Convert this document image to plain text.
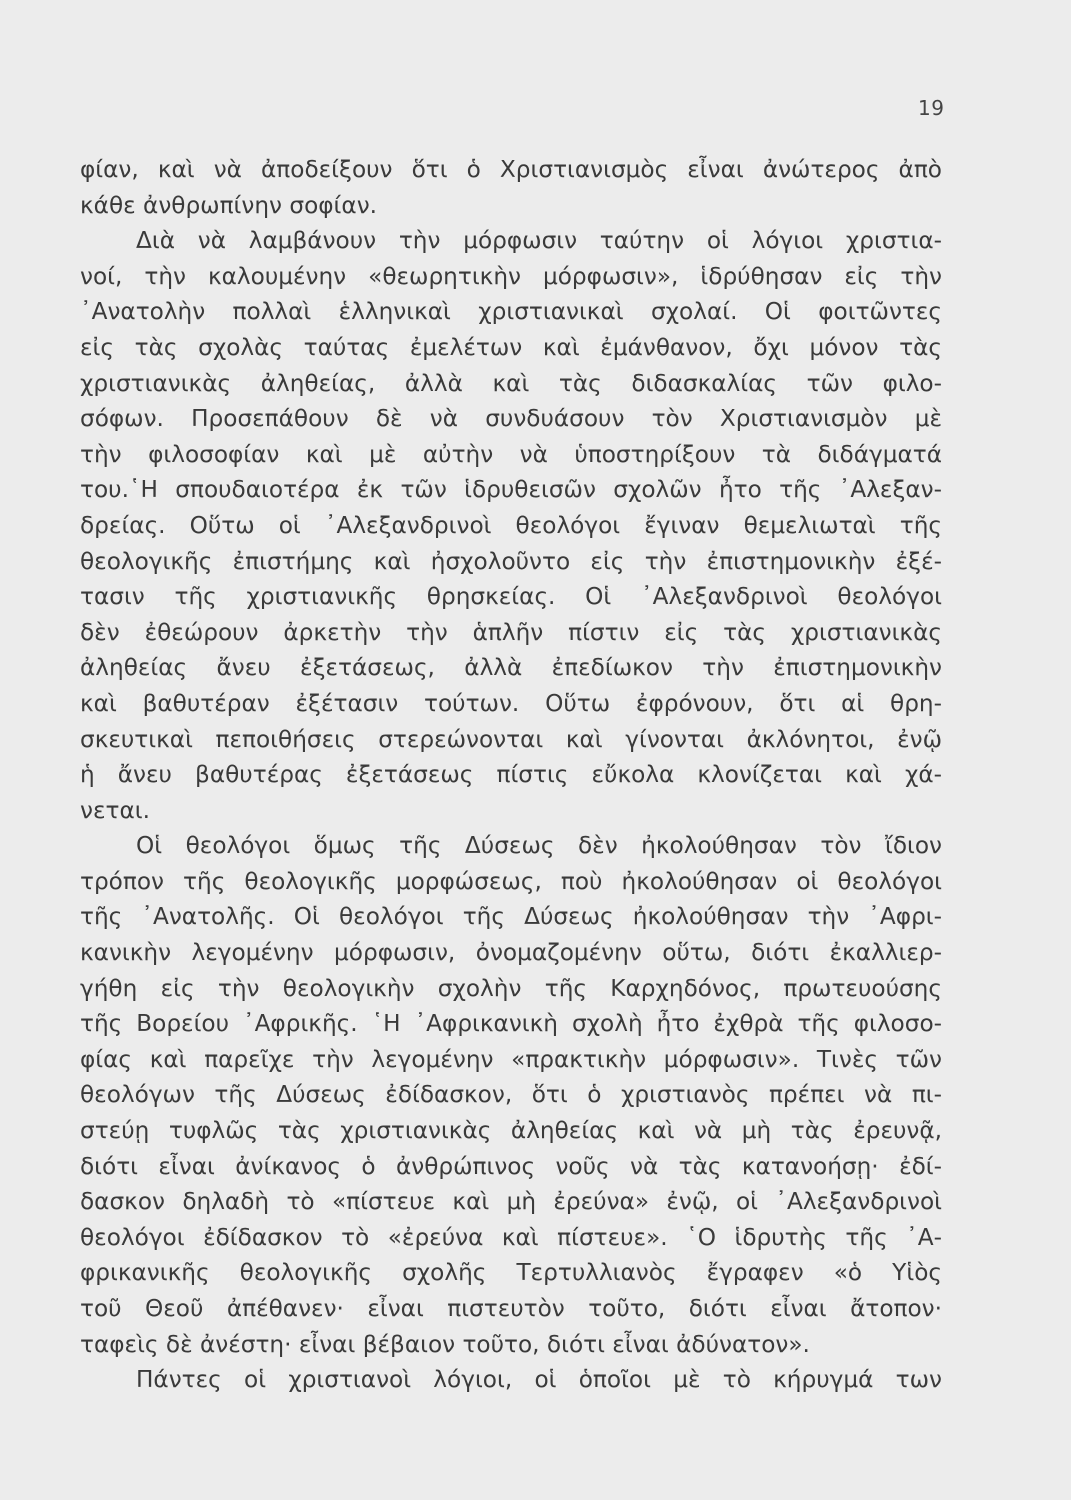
19
φίαν, καὶ νὰ ἀποδείξουν ὅτι ὁ Χριστιανισμὸς εἶναι ἀνώτερος ἀπὸ
κάθε ἀνθρωπίνην σοφίαν.
Διὰ νὰ λαμβάνουν τὴν μόρφωσιν ταύτην οἱ λόγιοι χριστια-
νοί, τὴν καλουμένην «θεωρητικὴν μόρφωσιν», ἱδρύθησαν εἰς τὴν
᾿Ανατολὴν πολλαὶ ἑλληνικαὶ χριστιανικαὶ σχολαί. Οἱ φοιτῶντες
εἰς τὰς σχολὰς ταύτας ἐμελέτων καὶ ἐμάνθανον, ὄχι μόνον τὰς
χριστιανικὰς ἀληθείας, ἀλλὰ καὶ τὰς διδασκαλίας τῶν φιλο-
σόφων. Προσεπάθουν δὲ νὰ συνδυάσουν τὸν Χριστιανισμὸν μὲ
τὴν φιλοσοφίαν καὶ μὲ αὐτὴν νὰ ὑποστηρίξουν τὰ διδάγματά
του.῾Η σπουδαιοτέρα ἐκ τῶν ἱδρυθεισῶν σχολῶν ἦτο τῆς ᾿Αλεξαν-
δρείας. Οὕτω οἱ ᾿Αλεξανδρινοὶ θεολόγοι ἔγιναν θεμελιωταὶ τῆς
θεολογικῆς ἐπιστήμης καὶ ἠσχολοῦντο εἰς τὴν ἐπιστημονικὴν ἐξέ-
τασιν τῆς χριστιανικῆς θρησκείας. Οἱ ᾿Αλεξανδρινοὶ θεολόγοι
δὲν ἐθεώρουν ἀρκετὴν τὴν ἁπλῆν πίστιν εἰς τὰς χριστιανικὰς
ἀληθείας ἄνευ ἐξετάσεως, ἀλλὰ ἐπεδίωκον τὴν ἐπιστημονικὴν
καὶ βαθυτέραν ἐξέτασιν τούτων. Οὕτω ἐφρόνουν, ὅτι αἱ θρη-
σκευτικαὶ πεποιθήσεις στερεώνονται καὶ γίνονται ἀκλόνητοι, ἐνῷ
ἡ ἄνευ βαθυτέρας ἐξετάσεως πίστις εὔκολα κλονίζεται καὶ χά-
νεται.
Οἱ θεολόγοι ὅμως τῆς Δύσεως δὲν ἠκολούθησαν τὸν ἴδιον
τρόπον τῆς θεολογικῆς μορφώσεως, ποὺ ἠκολούθησαν οἱ θεολόγοι
τῆς ᾿Ανατολῆς. Οἱ θεολόγοι τῆς Δύσεως ἠκολούθησαν τὴν ᾿Αφρι-
κανικὴν λεγομένην μόρφωσιν, ὀνομαζομένην οὕτω, διότι ἐκαλλιερ-
γήθη εἰς τὴν θεολογικὴν σχολὴν τῆς Καρχηδόνος, πρωτευούσης
τῆς Βορείου ᾿Αφρικῆς. ῾Η ᾿Αφρικανικὴ σχολὴ ἦτο ἐχθρὰ τῆς φιλοσο-
φίας καὶ παρεῖχε τὴν λεγομένην «πρακτικὴν μόρφωσιν». Τινὲς τῶν
θεολόγων τῆς Δύσεως ἐδίδασκον, ὅτι ὁ χριστιανὸς πρέπει νὰ πι-
στεύῃ τυφλῶς τὰς χριστιανικὰς ἀληθείας καὶ νὰ μὴ τὰς ἐρευνᾷ,
διότι εἶναι ἀνίκανος ὁ ἀνθρώπινος νοῦς νὰ τὰς κατανοήσῃ· ἐδί-
δασκον δηλαδὴ τὸ «πίστευε καὶ μὴ ἐρεύνα» ἐνῷ, οἱ ᾿Αλεξανδρινοὶ
θεολόγοι ἐδίδασκον τὸ «ἐρεύνα καὶ πίστευε». ῾Ο ἱδρυτὴς τῆς ᾿Α-
φρικανικῆς θεολογικῆς σχολῆς Τερτυλλιανὸς ἔγραφεν «ὁ Υἱὸς
τοῦ Θεοῦ ἀπέθανεν· εἶναι πιστευτὸν τοῦτο, διότι εἶναι ἄτοπον·
ταφεὶς δὲ ἀνέστη· εἶναι βέβαιον τοῦτο, διότι εἶναι ἀδύνατον».
Πάντες οἱ χριστιανοὶ λόγιοι, οἱ ὁποῖοι μὲ τὸ κήρυγμά των
